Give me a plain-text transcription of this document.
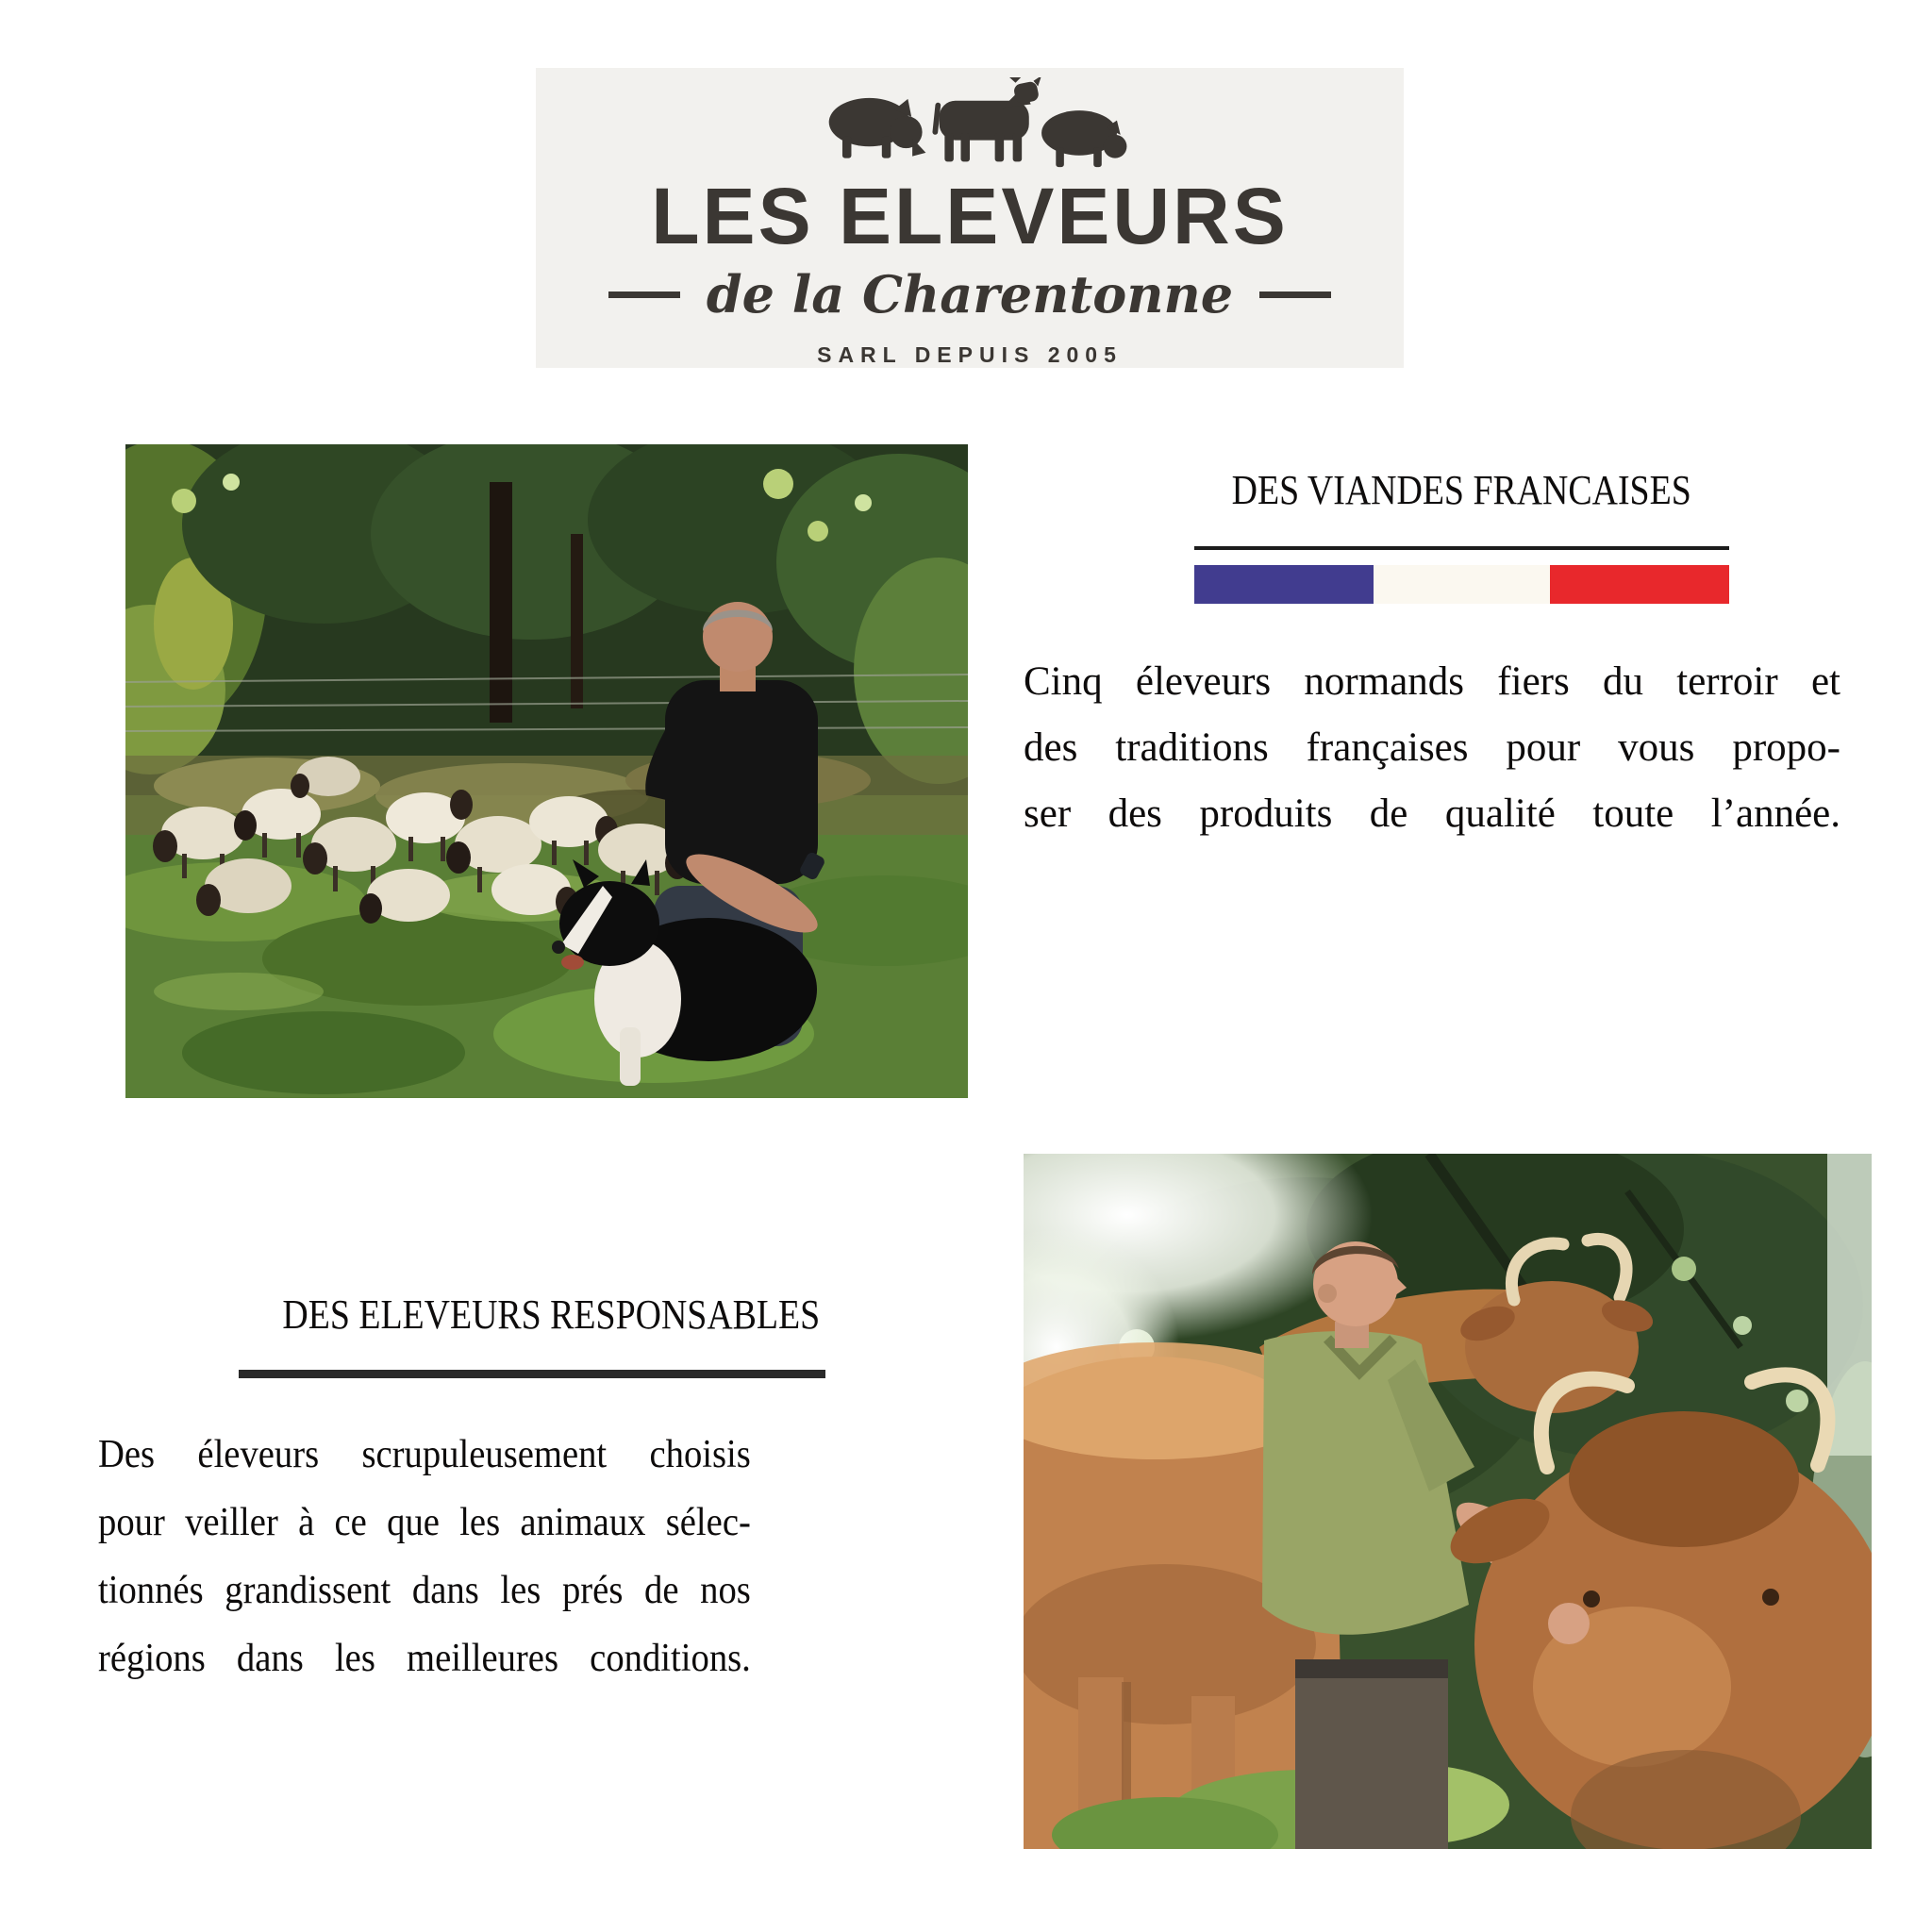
LES ELEVEURS
de la Charentonne
SARL DEPUIS 2005
DES VIANDES FRANCAISES

Cinq éleveurs normands fiers du terroir et

des traditions françaises pour vous propo-

ser des produits de qualité toute l’année.

DES ELEVEURS RESPONSABLES

Des éleveurs scrupuleusement choisis

pour veiller à ce que les animaux sélec-

tionnés grandissent dans les prés de nos

régions dans les meilleures conditions.
